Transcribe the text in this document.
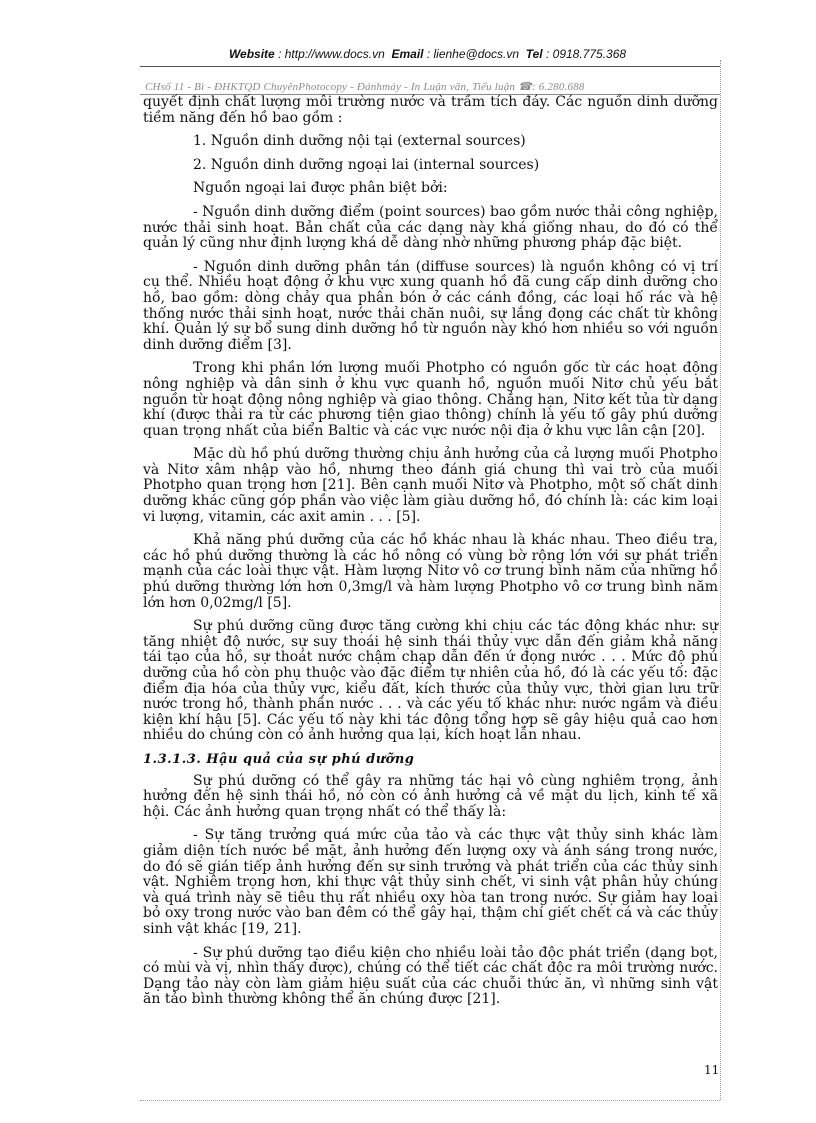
Website : http://www.docs.vn Email : lienhe@docs.vn Tel : 0918.775.368
CHsố 11 - Bì - ĐHKTQD ChuyênPhotocopy - Đánhmáy - In Luận văn, Tiểu luận ☎: 6.280.688

quyết định chất lượng môi trường nước và trầm tích đáy. Các nguồn dinh dưỡng tiềm năng đến hồ bao gồm :

1. Nguồn dinh dưỡng nội tại (external sources)

2. Nguồn dinh dưỡng ngoại lai (internal sources)

Nguồn ngoại lai được phân biệt bởi:

- Nguồn dinh dưỡng điểm (point sources) bao gồm nước thải công nghiệp, nước thải sinh hoạt. Bản chất của các dạng này khá giống nhau, do đó có thể quản lý cũng như định lượng khá dễ dàng nhờ những phương pháp đặc biệt.

- Nguồn dinh dưỡng phân tán (diffuse sources) là nguồn không có vị trí cụ thể. Nhiều hoạt động ở khu vực xung quanh hồ đã cung cấp dinh dưỡng cho hồ, bao gồm: dòng chảy qua phân bón ở các cánh đồng, các loại hố rác và hệ thống nước thải sinh hoạt, nước thải chăn nuôi, sự lắng đọng các chất từ không khí. Quản lý sự bổ sung dinh dưỡng hồ từ nguồn này khó hơn nhiều so với nguồn dinh dưỡng điểm [3].

Trong khi phần lớn lượng muối Photpho có nguồn gốc từ các hoạt động nông nghiệp và dân sinh ở khu vực quanh hồ, nguồn muối Nitơ chủ yếu bắt nguồn từ hoạt động nông nghiệp và giao thông. Chẳng hạn, Nitơ kết tủa từ dạng khí (được thải ra từ các phương tiện giao thông) chính là yếu tố gây phú dưỡng quan trọng nhất của biển Baltic và các vực nước nội địa ở khu vực lân cận [20].

Mặc dù hồ phú dưỡng thường chịu ảnh hưởng của cả lượng muối Photpho và Nitơ xâm nhập vào hồ, nhưng theo đánh giá chung thì vai trò của muối Photpho quan trọng hơn [21]. Bên cạnh muối Nitơ và Photpho, một số chất dinh dưỡng khác cũng góp phần vào việc làm giàu dưỡng hồ, đó chính là: các kim loại vi lượng, vitamin, các axit amin . . . [5].

Khả năng phú dưỡng của các hồ khác nhau là khác nhau. Theo điều tra, các hồ phú dưỡng thường là các hồ nông có vùng bờ rộng lớn với sự phát triển mạnh của các loài thực vật. Hàm lượng Nitơ vô cơ trung bình năm của những hồ phú dưỡng thường lớn hơn 0,3mg/l và hàm lượng Photpho vô cơ trung bình năm lớn hơn 0,02mg/l [5].

Sự phú dưỡng cũng được tăng cường khi chịu các tác động khác như: sự tăng nhiệt độ nước, sự suy thoái hệ sinh thái thủy vực dẫn đến giảm khả năng tái tạo của hồ, sự thoát nước chậm chạp dẫn đến ứ đọng nước . . . Mức độ phú dưỡng của hồ còn phụ thuộc vào đặc điểm tự nhiên của hồ, đó là các yếu tố: đặc điểm địa hóa của thủy vực, kiểu đất, kích thước của thủy vực, thời gian lưu trữ nước trong hồ, thành phần nước . . . và các yếu tố khác như: nước ngầm và điều kiện khí hậu [5]. Các yếu tố này khi tác động tổng hợp sẽ gây hiệu quả cao hơn nhiều do chúng còn có ảnh hưởng qua lại, kích hoạt lẫn nhau.

1.3.1.3. Hậu quả của sự phú dưỡng

Sự phú dưỡng có thể gây ra những tác hại vô cùng nghiêm trọng, ảnh hưởng đến hệ sinh thái hồ, nó còn có ảnh hưởng cả về mặt du lịch, kinh tế xã hội. Các ảnh hưởng quan trọng nhất có thể thấy là:

- Sự tăng trưởng quá mức của tảo và các thực vật thủy sinh khác làm giảm diện tích nước bề mặt, ảnh hưởng đến lượng oxy và ánh sáng trong nước, do đó sẽ gián tiếp ảnh hưởng đến sự sinh trưởng và phát triển của các thủy sinh vật. Nghiêm trọng hơn, khi thực vật thủy sinh chết, vi sinh vật phân hủy chúng và quá trình này sẽ tiêu thụ rất nhiều oxy hòa tan trong nước. Sự giảm hay loại bỏ oxy trong nước vào ban đêm có thể gây hại, thậm chí giết chết cá và các thủy sinh vật khác [19, 21].

- Sự phú dưỡng tạo điều kiện cho nhiều loài tảo độc phát triển (dạng bọt, có mùi và vị, nhìn thấy được), chúng có thể tiết các chất độc ra môi trường nước. Dạng tảo này còn làm giảm hiệu suất của các chuỗi thức ăn, vì những sinh vật ăn tảo bình thường không thể ăn chúng được [21].

11
